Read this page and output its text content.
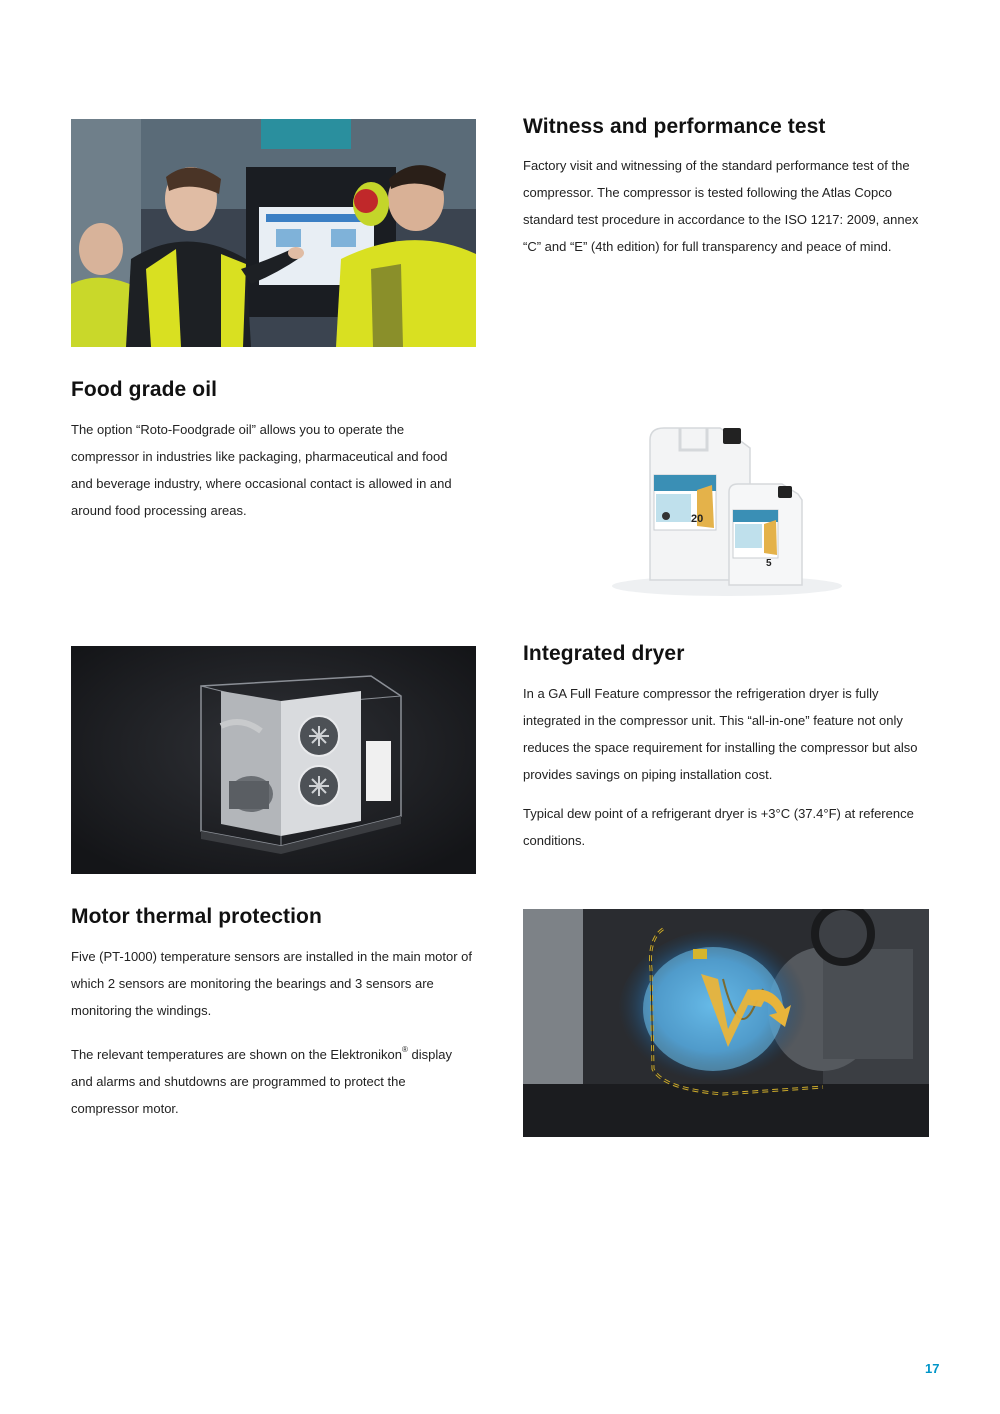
Witness and performance test

Factory visit and witnessing of the standard performance test of the compressor. The compressor is tested following the Atlas Copco standard test procedure in accordance to the ISO 1217: 2009, annex “C” and “E” (4th edition) for full transparency and peace of mind.

Food grade oil

The option “Roto-Foodgrade oil” allows you to operate the compressor in industries like packaging, pharmaceutical and food and beverage industry, where occasional contact is allowed in and around food processing areas.

20
5
Integrated dryer

In a GA Full Feature compressor the refrigeration dryer is fully integrated in the compressor unit. This “all-in-one” feature not only reduces the space requirement for installing the compressor but also provides savings on piping installation cost.

Typical dew point of a refrigerant dryer is +3°C (37.4°F) at reference conditions.

Motor thermal protection

Five (PT-1000) temperature sensors are installed in the main motor of which 2 sensors are monitoring the bearings and 3 sensors are monitoring the windings.

The relevant temperatures are shown on the Elektronikon® display and alarms and shutdowns are programmed to protect the compressor motor.

17
